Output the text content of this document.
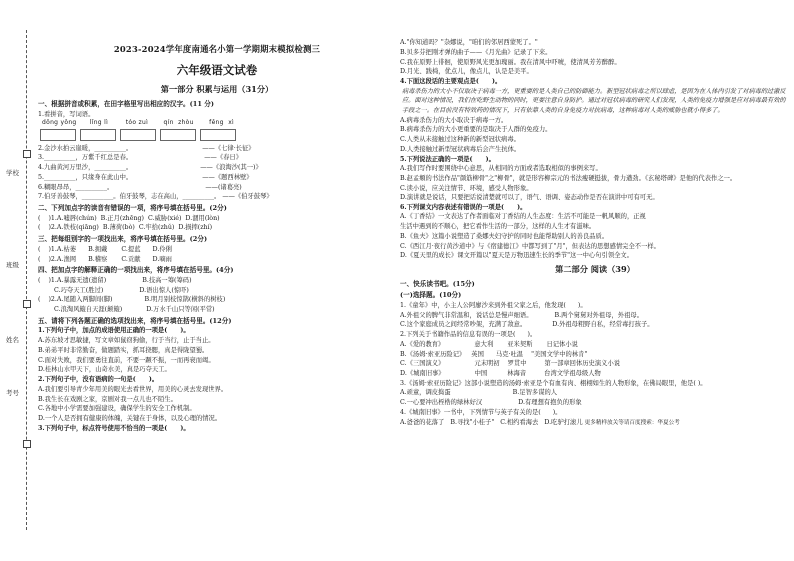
学校
班级
姓名
考号
2023-2024学年度南通名小第一学期期末模拟检测三
六年级语文试卷
第一部分 积累与运用（31分）
一、根据拼音或积累，在田字格里写出相应的汉字。(11 分)
1.看拼音，写词语。
dǒng yǒng      lǐng lì        tóo zuì       qín  zhòu       fěng  xì
2.金沙水拍云崖暖，__________。                                   ——《七律·长征》
3.__________，万紫千红总是春。                                    ——《春日》
4.九曲黄河万里沙，__________。                                  ——《浪淘沙(其一)》
5.__________，只缘身在此山中。                                   ——《题西林壁》
6.糊眼昂昂，__________。                                              ——(诸葛亮)
7.伯牙善鼓琴，__________。伯牙鼓琴，志在高山，__________。 ——《伯牙鼓琴》
二、下列加点字的读音有错误的一项，将序号填在括号里。(2分)
(    )1.A.嘘唇(chún)  B.正月(zhēng)  C.威胁(xié)  D.涸用(lòn)
(    )2.A.铁枝(qiāng)  B.薄荷(bò)  C.牢拾(zhǔ)  D.损摔(zhí)
三、把每组别字的一项找出来，将序号填在括号里。(2分)
(    )1.A.枯萎      B.拥戴       C.提蓝      D.伶俐
(    )2.A.渔网      B.稽察       C.贡献      D.嘀雨
四、把加点字的解释正确的一项找出来，将序号填在括号里。(4分)
(    )1.A.暴露无遗(遗留)                  B.技高一筹(筹码)
C.巧夺天工(胜过)                  D.语出惊人(惊吓)
(    )2.A.尾随入两脚间(脚)                B.明月别枝惊鹊(横斜的树枝)
C.浪淘风簸自天涯(颠簸)            D.万水千山只等闲(平常)
五、请将下列各题正确的选项找出来，将序号填在括号里。(12分)
1.下列句子中，加点的成语使用正确的一项是(      )。
A.苏东坡才思敏捷，写文章如鼠窃狗偷，行于当行，止于当止。
B.弟弟平时非常勤奋，做题踏实，抓耳挠腮，真是得陇望蜀。
C.面对失败，我们要勇往直前，不要一蹶不振，一而再衰而竭。
D.桂林山水甲天下，山奇水美，真是巧夺天工。
2.下列句子中，没有语病的一句是(      )。
A.我们要引导青少年用美的眼光去看世界，用美的心灵去发现世界。
B.我生长在戏剧之家，京剧对我一点儿也不陌生。
C.各地中小学需要加强建设，确保学生的安全工作机制。
D.一个人是否拥有健康的体魄，关键在于身体，以及心理的情况。
3.下列句子中，标点符号使用不恰当的一项是(      )。
A."你知道吗？"杂娜说，"咱们的邻居西蒙死了。"
B.贝多芬把刚才弹的曲子——《月光曲》记录了下来。
C.我在原野上徘徊，使原野风光更加瑰丽。我在清风中吓唬，使清风芳芳醉醉。
D.月光、践椅，优点儿，像点儿，认是是美平。
4.下面这段话的主要观点是(      )。
病毒杀伤力的大小不仅取决于病毒一方，更重要的是人类自己的防御能力。新型冠状病毒之所以肆虐，是因为在人体内引发了对病毒的过激反应。面对这种情况，我们在吃野生动物的同时，更要注意自身防护。通过对冠状病毒的研究人们发现，人类的免疫力增强是应对病毒最有效的手段之一。在目前没有特效药的情况下，只有依靠人类的自身免疫力对抗病毒，这种病毒对人类的威胁也就小得多了。
A.病毒杀伤力的大小取决于病毒一方。
B.病毒杀伤力的大小更重要的是取决于人群的免疫力。
C.人类从未接触过这种新的新型冠状病毒。
D.人类接触过新型冠状病毒后会产生抗体。
5.下列说法正确的一项是(      )。
A.我们写作时要围绕中心意思，从相同的方面或者选取相似的事例来写。
B.赵孟頫的书法作品"颜筋柳骨"之"柳骨"，就是形容柳宗元的书法瘦硬挺拔，骨力遒劲。《玄秘塔碑》是他的代表作之一。
C.读小说，应关注情节、环境，感受人物形象。
D.演讲就是说话，只要把话说清楚就可以了，语气、语调、姿态动作是否在演讲中可有可无。
6.下列课文内容表述有错误的一项是(      )。
A.《丁香结》一文表达了作者面临对丁香结的人生态度：生活不可能是一帆风顺的，正视
生活中遇到的不顺心，把它看作生活的一部分，这样的人生才有滋味。
B.《鱼夫》这篇小说塑造了桑娜夫妇守护的同时也能帮助别人的善良品质。
C.《西江月·夜行黄沙道中》与《宿建德江》中都写到了"月"，但表达的思想感情完全不一样。
D.《夏天里的成长》课文开篇以"夏天是万物迅速生长的季节"这一中心句引领全文。
第二部分 阅读（39）
一、快乐读书吧。(15分)
(一)选择题。(10分)
1.《童年》中，小主人公阿廖沙来到外祖父家之后，他发现(      )。
A.外祖父的脾气非常温和，说话总是慢声细语。           B.两个舅舅对外祖母，外祖母。
C.这个家庭成员之间经常吵架，充满了敌意。             D.外祖母粗野自私，经常毒打孩子。
2.下列关于书籍作品的信息有误的一项是(      )。
A.《爱的教育》               意大利       亚米契斯       日记体小说
B.《汤姆·索亚历险记》   英国      马克·吐温    "美国文学中的林肯"
C.《三国演义》               元末明初    罗贯中         第一部章回体历史演义小说
D.《城南旧事》               中国          林海音         台湾文学祖母级人物
3.《汤姆·索亚历险记》这部小说塑造的汤姆·索亚是个有血有肉、栩栩如生的人物形象，在佛局眼里，他是( )。
A.顽童，调皮捣蛋                               B.足智多谋的人
C.一心要冲出桎梏的绿林好汉                  D.有理想有抱负的形象
4.《城南旧事》一书中，下列情节与英子有关的是(      )。
A.爸爸的花落了   B.寻找"小桂子"   C.相约看海去   D.吃驴打滚儿 更多精样放关等请百度搜索：华夏公考
